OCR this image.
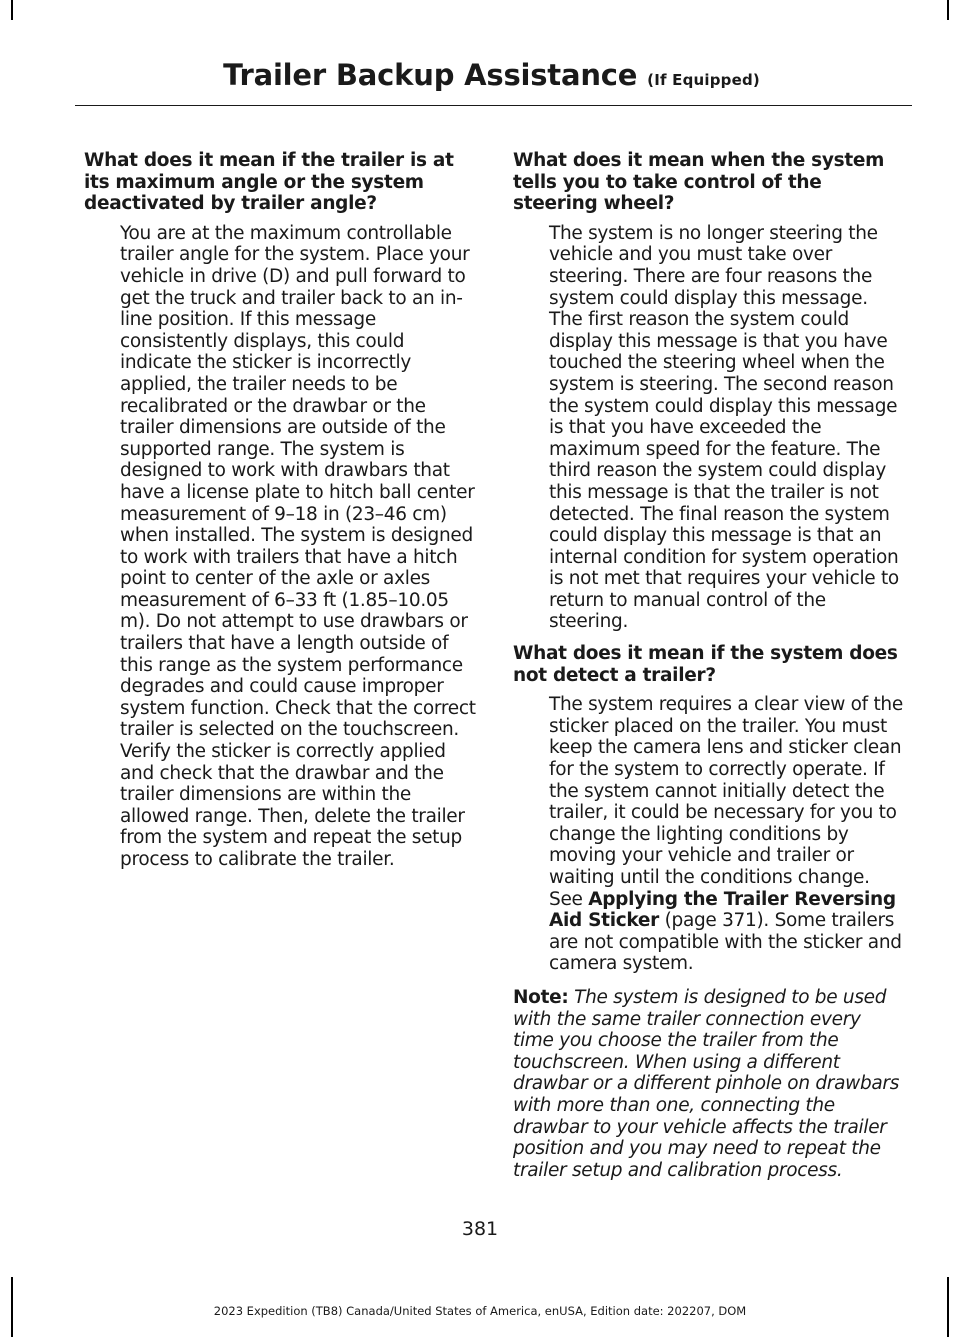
Trailer Backup Assistance (If Equipped)

What does it mean if the trailer is at its maximum angle or the system deactivated by trailer angle?

You are at the maximum controllable trailer angle for the system. Place your vehicle in drive (D) and pull forward to get the truck and trailer back to an in-line position. If this message consistently displays, this could indicate the sticker is incorrectly applied, the trailer needs to be recalibrated or the drawbar or the trailer dimensions are outside of the supported range. The system is designed to work with drawbars that have a license plate to hitch ball center measurement of 9–18 in (23–46 cm) when installed. The system is designed to work with trailers that have a hitch point to center of the axle or axles measurement of 6–33 ft (1.85–10.05 m). Do not attempt to use drawbars or trailers that have a length outside of this range as the system performance degrades and could cause improper system function. Check that the correct trailer is selected on the touchscreen. Verify the sticker is correctly applied and check that the drawbar and the trailer dimensions are within the allowed range. Then, delete the trailer from the system and repeat the setup process to calibrate the trailer.

What does it mean when the system tells you to take control of the steering wheel?

The system is no longer steering the vehicle and you must take over steering. There are four reasons the system could display this message. The first reason the system could display this message is that you have touched the steering wheel when the system is steering. The second reason the system could display this message is that you have exceeded the maximum speed for the feature. The third reason the system could display this message is that the trailer is not detected. The final reason the system could display this message is that an internal condition for system operation is not met that requires your vehicle to return to manual control of the steering.

What does it mean if the system does not detect a trailer?

The system requires a clear view of the sticker placed on the trailer. You must keep the camera lens and sticker clean for the system to correctly operate. If the system cannot initially detect the trailer, it could be necessary for you to change the lighting conditions by moving your vehicle and trailer or waiting until the conditions change. See Applying the Trailer Reversing Aid Sticker (page 371). Some trailers are not compatible with the sticker and camera system.

Note: The system is designed to be used with the same trailer connection every time you choose the trailer from the touchscreen. When using a different drawbar or a different pinhole on drawbars with more than one, connecting the drawbar to your vehicle affects the trailer position and you may need to repeat the trailer setup and calibration process.

381

2023 Expedition (TB8) Canada/United States of America, enUSA, Edition date: 202207, DOM
